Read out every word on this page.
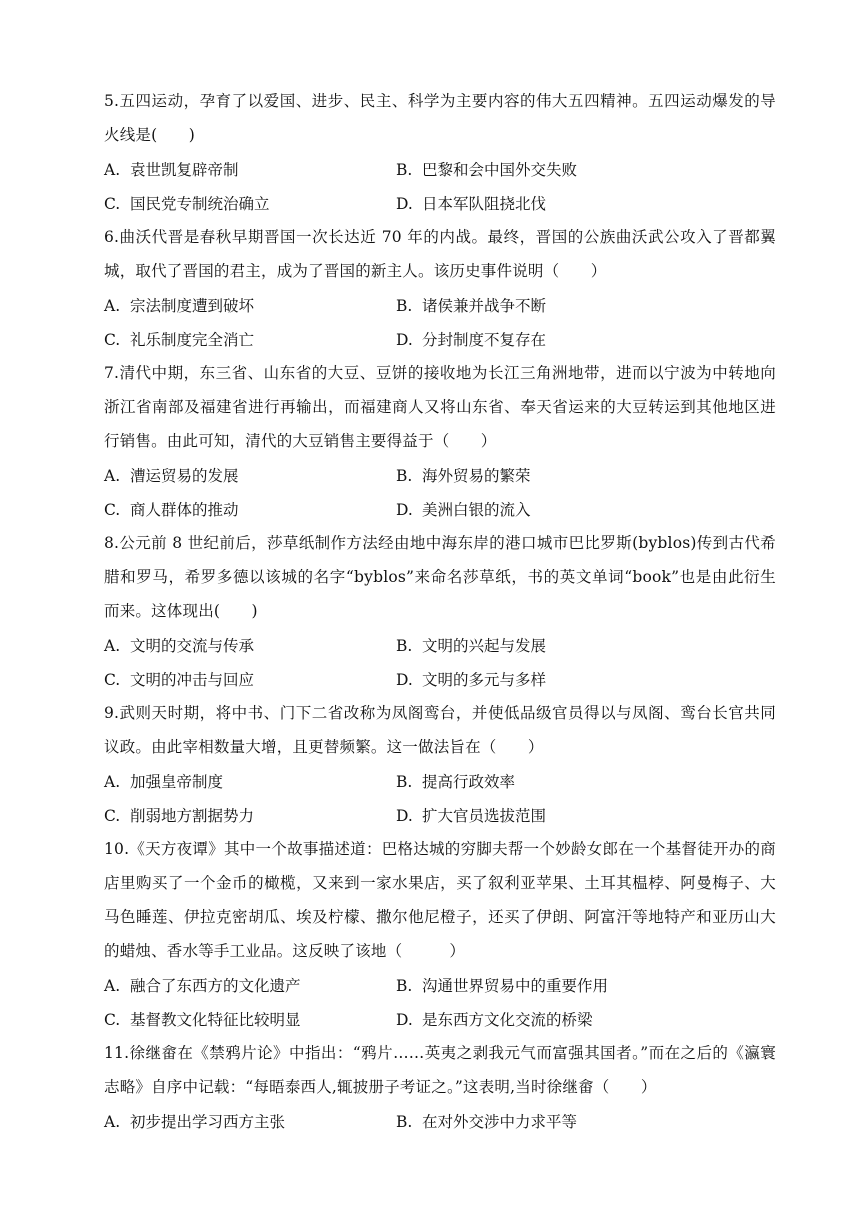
5.五四运动，孕育了以爱国、进步、民主、科学为主要内容的伟大五四精神。五四运动爆发的导火线是(　　)

A. 袁世凯复辟帝制	B. 巴黎和会中国外交失败
C. 国民党专制统治确立	D. 日本军队阻挠北伐

6.曲沃代晋是春秋早期晋国一次长达近 70 年的内战。最终，晋国的公族曲沃武公攻入了晋都翼城，取代了晋国的君主，成为了晋国的新主人。该历史事件说明（　　）

A. 宗法制度遭到破坏	B. 诸侯兼并战争不断
C. 礼乐制度完全消亡	D. 分封制度不复存在

7.清代中期，东三省、山东省的大豆、豆饼的接收地为长江三角洲地带，进而以宁波为中转地向浙江省南部及福建省进行再输出，而福建商人又将山东省、奉天省运来的大豆转运到其他地区进行销售。由此可知，清代的大豆销售主要得益于（　　）

A. 漕运贸易的发展	B. 海外贸易的繁荣
C. 商人群体的推动	D. 美洲白银的流入

8.公元前 8 世纪前后，莎草纸制作方法经由地中海东岸的港口城市巴比罗斯(byblos)传到古代希腊和罗马，希罗多德以该城的名字“byblos”来命名莎草纸，书的英文单词“book”也是由此衍生而来。这体现出(　　)

A. 文明的交流与传承	B. 文明的兴起与发展
C. 文明的冲击与回应	D. 文明的多元与多样

9.武则天时期，将中书、门下二省改称为凤阁鸾台，并使低品级官员得以与凤阁、鸾台长官共同议政。由此宰相数量大增，且更替频繁。这一做法旨在（　　）

A. 加强皇帝制度	B. 提高行政效率
C. 削弱地方割据势力	D. 扩大官员选拔范围

10.《天方夜谭》其中一个故事描述道：巴格达城的穷脚夫帮一个妙龄女郎在一个基督徒开办的商店里购买了一个金币的橄榄，又来到一家水果店，买了叙利亚苹果、土耳其榅桲、阿曼梅子、大马色睡莲、伊拉克密胡瓜、埃及柠檬、撒尔他尼橙子，还买了伊朗、阿富汗等地特产和亚历山大的蜡烛、香水等手工业品。这反映了该地（　　　）

A. 融合了东西方的文化遗产	B. 沟通世界贸易中的重要作用
C. 基督教文化特征比较明显	D. 是东西方文化交流的桥梁

11.徐继畲在《禁鸦片论》中指出：“鸦片……英夷之剥我元气而富强其国者。”而在之后的《瀛寰志略》自序中记载：“每晤泰西人,辄披册子考证之。”这表明,当时徐继畲（　　）

A. 初步提出学习西方主张	B. 在对外交涉中力求平等
